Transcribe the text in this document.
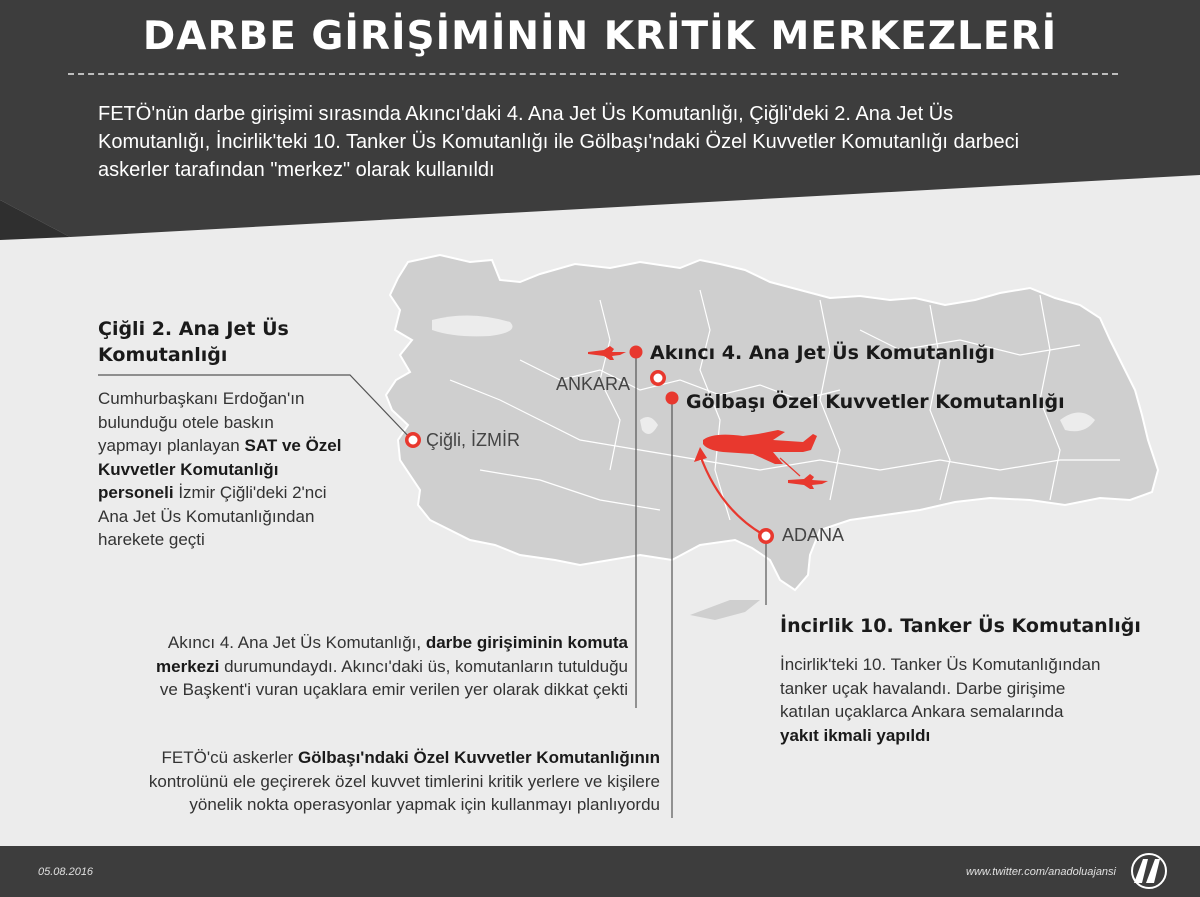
DARBE GİRİŞİMİNİN KRİTİK MERKEZLERİ
FETÖ'nün darbe girişimi sırasında Akıncı'daki 4. Ana Jet Üs Komutanlığı, Çiğli'deki 2. Ana Jet Üs Komutanlığı, İncirlik'teki 10. Tanker Üs Komutanlığı ile Gölbaşı'ndaki Özel Kuvvetler Komutanlığı darbeci askerler tarafından "merkez" olarak kullanıldı
Akıncı 4. Ana Jet Üs Komutanlığı
Gölbaşı Özel Kuvvetler Komutanlığı
ANKARA
Çiğli, İZMİR
ADANA
Çiğli 2. Ana Jet Üs
Komutanlığı
Cumhurbaşkanı Erdoğan'ın
bulunduğu otele baskın
yapmayı planlayan SAT ve Özel
Kuvvetler Komutanlığı
personeli İzmir Çiğli'deki 2'nci
Ana Jet Üs Komutanlığından
harekete geçti
Akıncı 4. Ana Jet Üs Komutanlığı, darbe girişiminin komuta
merkezi durumundaydı. Akıncı'daki üs, komutanların tutulduğu
ve Başkent'i vuran uçaklara emir verilen yer olarak dikkat çekti
FETÖ'cü askerler Gölbaşı'ndaki Özel Kuvvetler Komutanlığının
kontrolünü ele geçirerek özel kuvvet timlerini kritik yerlere ve kişilere
yönelik nokta operasyonlar yapmak için kullanmayı planlıyordu
İncirlik 10. Tanker Üs Komutanlığı
İncirlik'teki 10. Tanker Üs Komutanlığından
tanker uçak havalandı. Darbe girişime
katılan uçaklarca Ankara semalarında
yakıt ikmali yapıldı
05.08.2016	www.twitter.com/anadoluajansi
